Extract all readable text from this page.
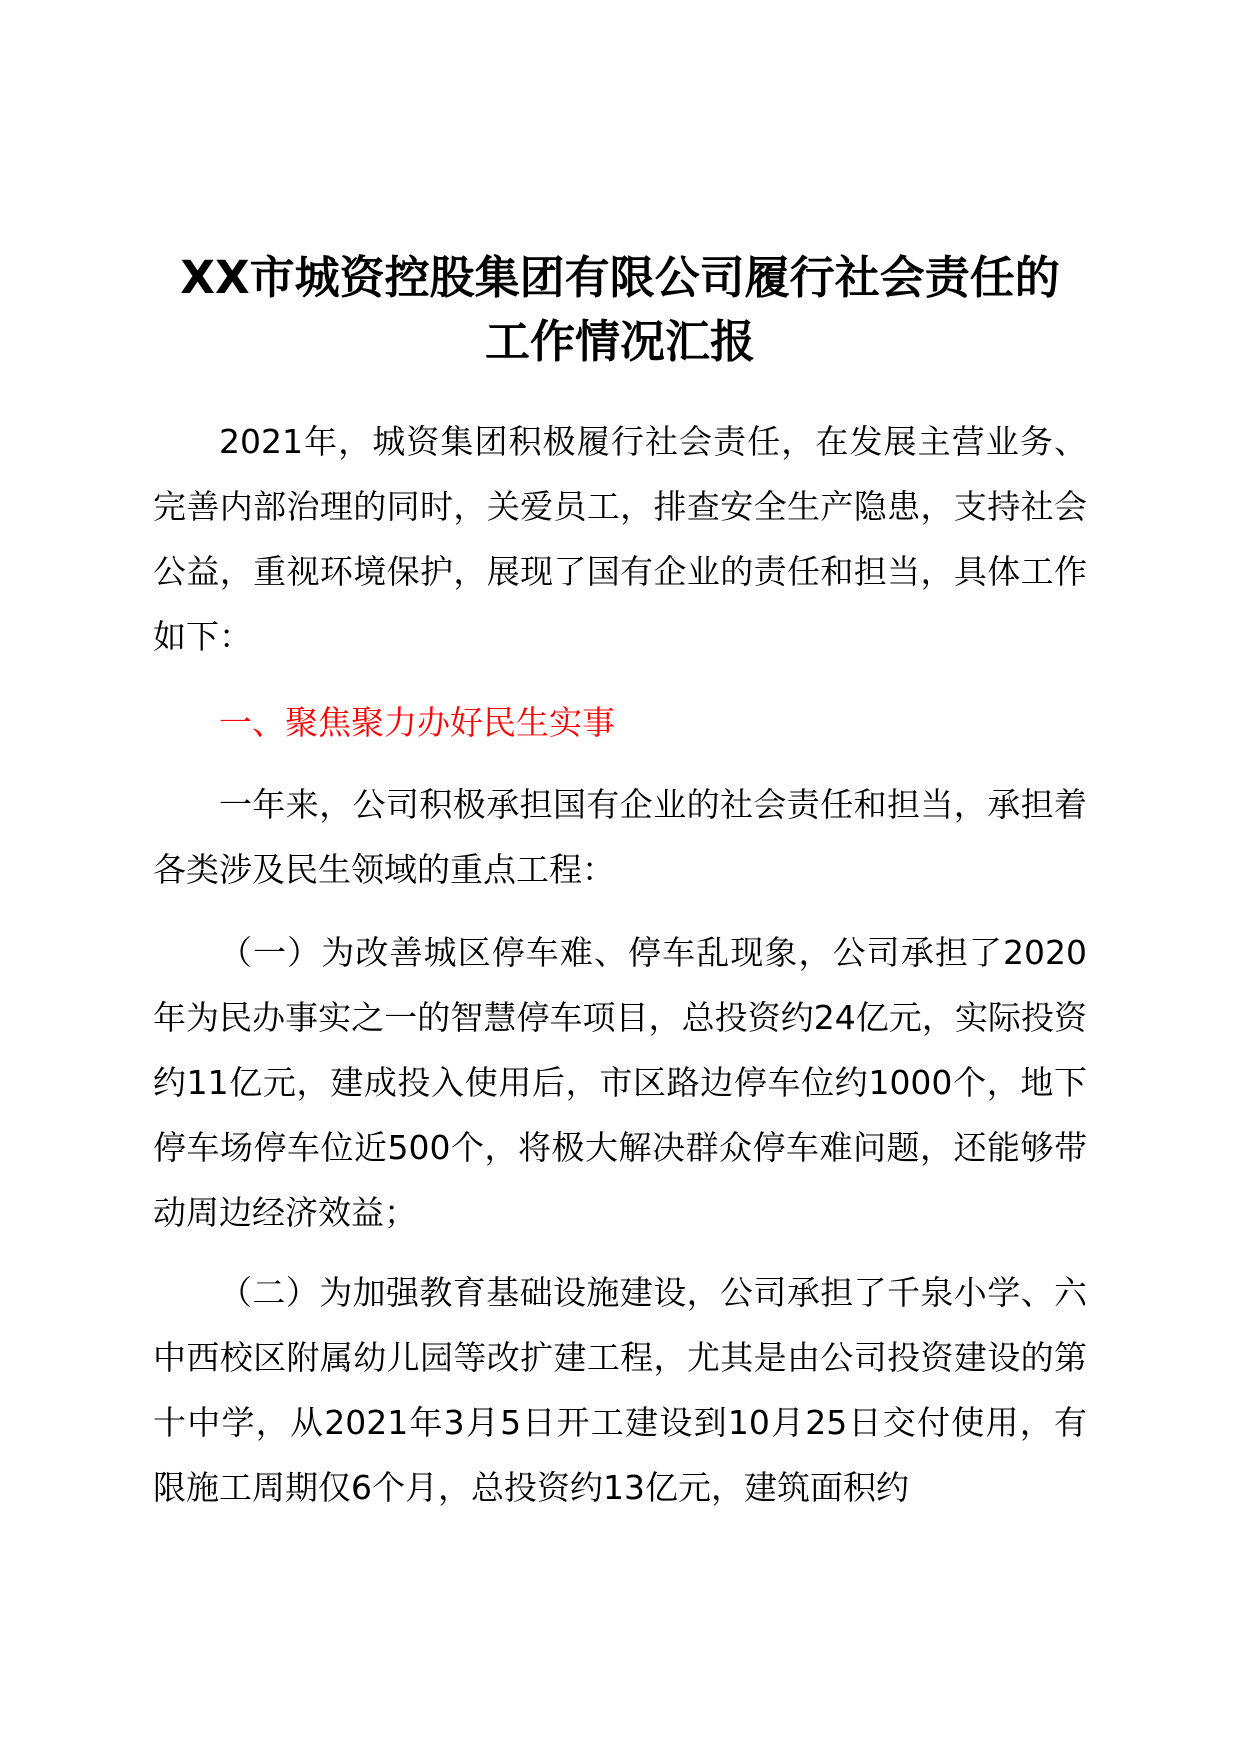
XX市城资控股集团有限公司履行社会责任的
工作情况汇报

2021年，城资集团积极履行社会责任，在发展主营业务、完善内部治理的同时，关爱员工，排查安全生产隐患，支持社会公益，重视环境保护，展现了国有企业的责任和担当，具体工作如下：

一、聚焦聚力办好民生实事

一年来，公司积极承担国有企业的社会责任和担当，承担着各类涉及民生领域的重点工程：

（一）为改善城区停车难、停车乱现象，公司承担了2020年为民办事实之一的智慧停车项目，总投资约24亿元，实际投资约11亿元，建成投入使用后，市区路边停车位约1000个，地下停车场停车位近500个，将极大解决群众停车难问题，还能够带动周边经济效益；

（二）为加强教育基础设施建设，公司承担了千泉小学、六中西校区附属幼儿园等改扩建工程，尤其是由公司投资建设的第十中学，从2021年3月5日开工建设到10月25日交付使用，有限施工周期仅6个月，总投资约13亿元，建筑面积约
